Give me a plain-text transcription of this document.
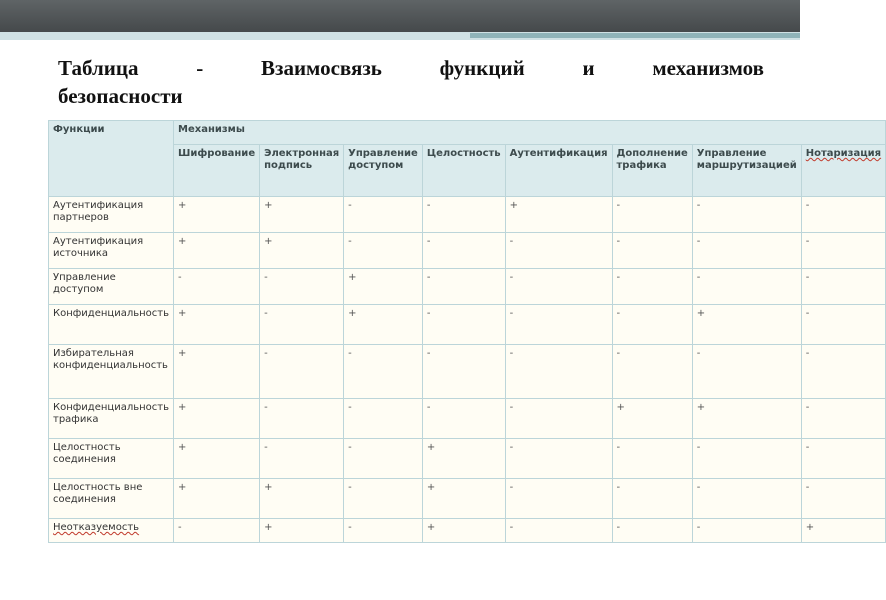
Таблица	-	Взаимосвязь	функций	и	механизмов
безопасности
Функции	Механизмы							
	Шифрование	Электронная подпись	Управление доступом	Целостность	Аутентификация	Дополнение трафика	Управление маршрутизацией	Нотаризация
Аутентификация партнеров	+	+	-	-	+	-	-	-
Аутентификация источника	+	+	-	-	-	-	-	-
Управление доступом	-	-	+	-	-	-	-	-
Конфиденциальность	+	-	+	-	-	-	+	-
Избирательная конфиденциальность	+	-	-	-	-	-	-	-
Конфиденциальность трафика	+	-	-	-	-	+	+	-
Целостность соединения	+	-	-	+	-	-	-	-
Целостность вне соединения	+	+	-	+	-	-	-	-
Неотказуемость	-	+	-	+	-	-	-	+
